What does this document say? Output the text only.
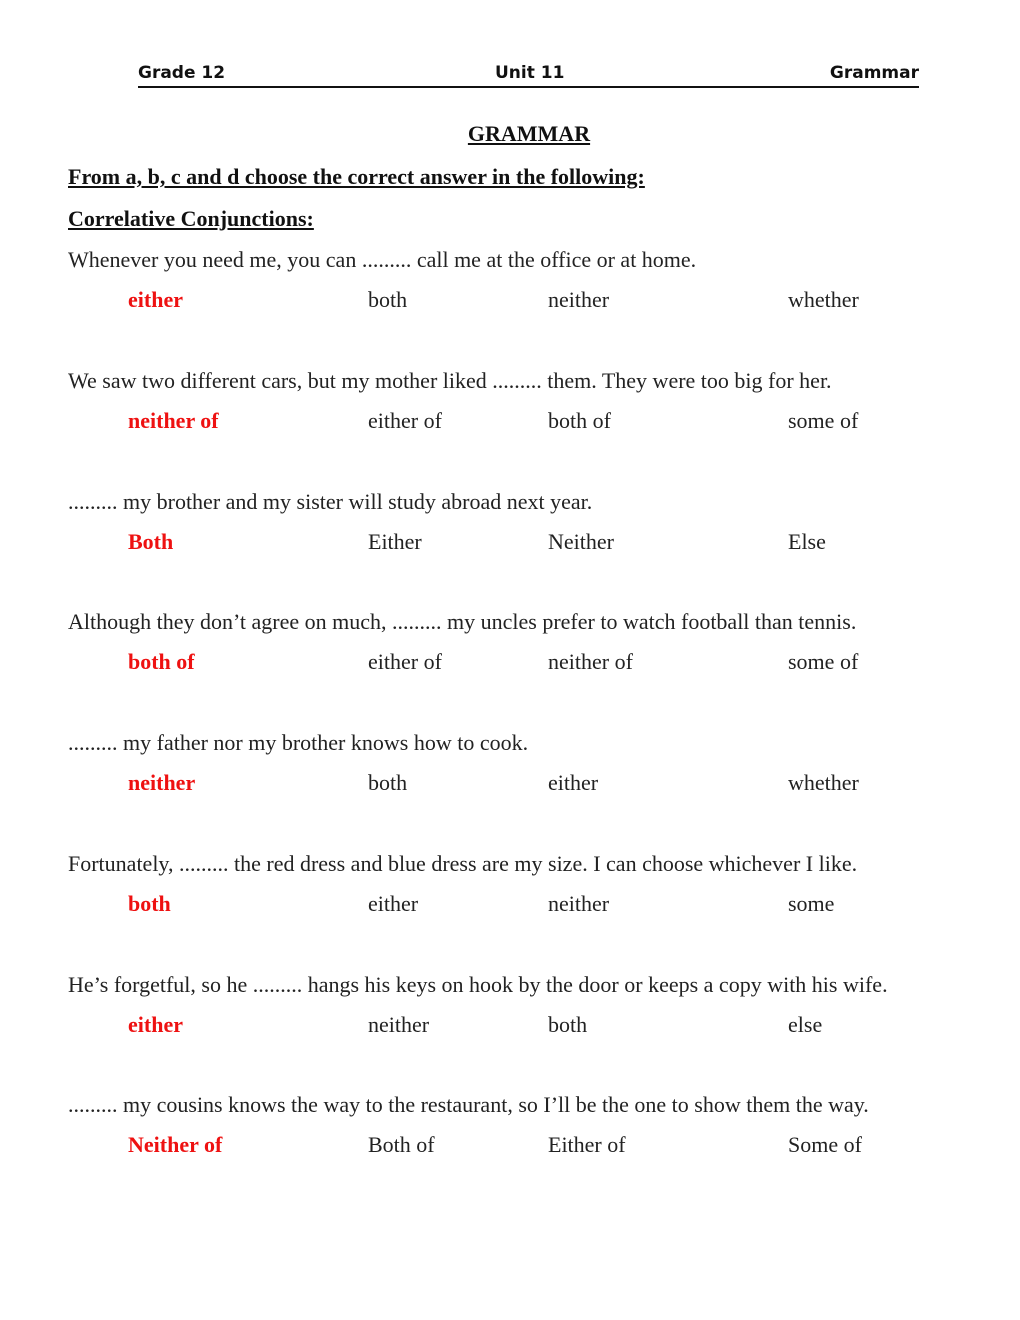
Grade 12	Unit 11	Grammar
GRAMMAR
From a, b, c and d choose the correct answer in the following:
Correlative Conjunctions:
Whenever you need me, you can ......... call me at the office or at home.
either	both	neither	whether
We saw two different cars, but my mother liked ......... them. They were too big for her.
neither of	either of	both of	some of
......... my brother and my sister will study abroad next year.
Both	Either	Neither	Else
Although they don’t agree on much, ......... my uncles prefer to watch football than tennis.
both of	either of	neither of	some of
......... my father nor my brother knows how to cook.
neither	both	either	whether
Fortunately, ......... the red dress and blue dress are my size. I can choose whichever I like.
both	either	neither	some
He’s forgetful, so he ......... hangs his keys on hook by the door or keeps a copy with his wife.
either	neither	both	else
......... my cousins knows the way to the restaurant, so I’ll be the one to show them the way.
Neither of	Both of	Either of	Some of
